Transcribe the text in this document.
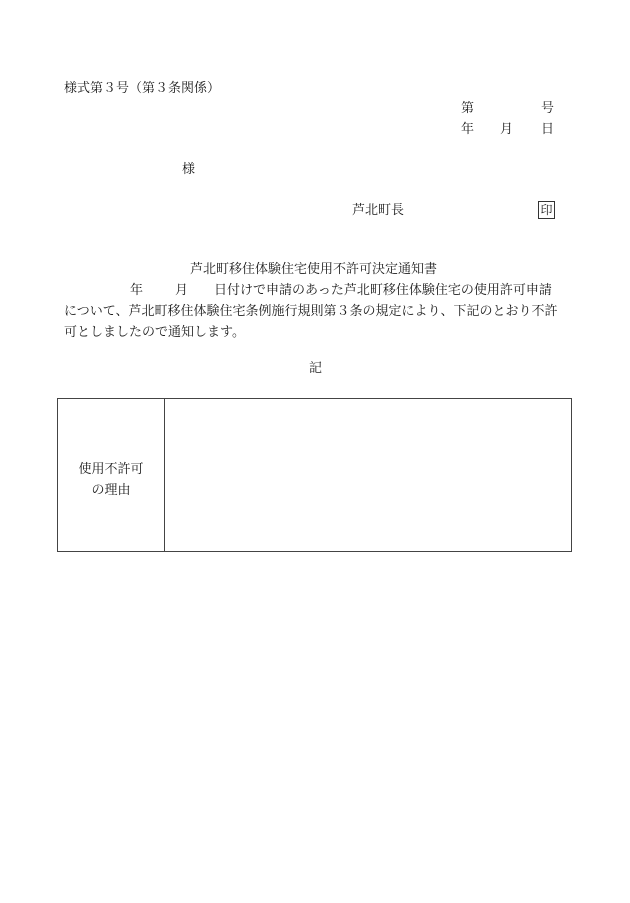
様式第３号（第３条関係）
第	号
年 月 日
様
芦北町長	印
芦北町移住体験住宅使用不許可決定通知書
年 月 日付けで申請のあった芦北町移住体験住宅の使用許可申請
について、芦北町移住体験住宅条例施行規則第３条の規定により、下記のとおり不許
可としましたので通知します。
記
使用不許可
の理由
